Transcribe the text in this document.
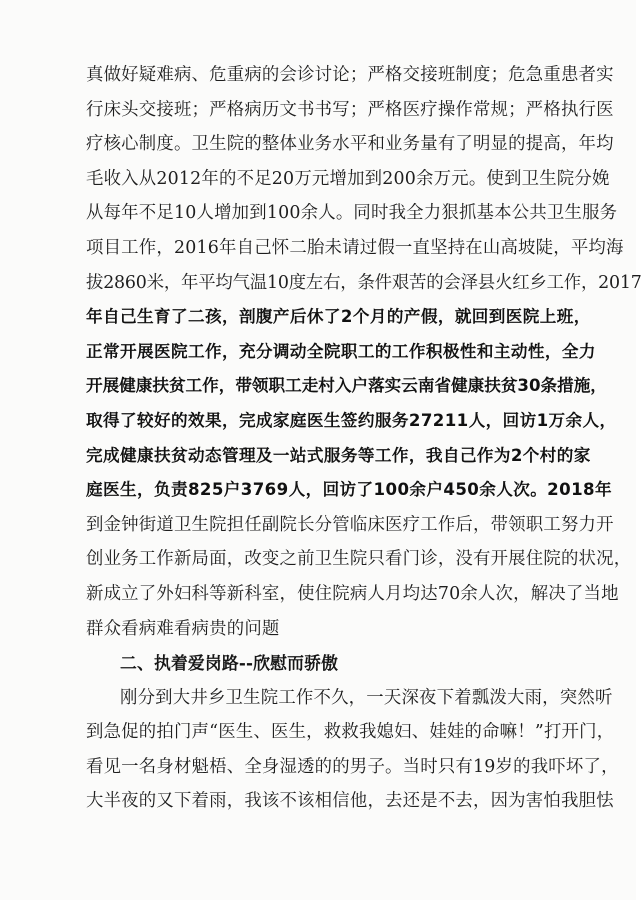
真做好疑难病、危重病的会诊讨论；严格交接班制度；危急重患者实
行床头交接班；严格病历文书书写；严格医疗操作常规；严格执行医
疗核心制度。卫生院的整体业务水平和业务量有了明显的提高，年均
毛收入从2012年的不足20万元增加到200余万元。使到卫生院分娩
从每年不足10人增加到100余人。同时我全力狠抓基本公共卫生服务
项目工作，2016年自己怀二胎未请过假一直坚持在山高坡陡，平均海
拔2860米，年平均气温10度左右，条件艰苦的会泽县火红乡工作，2017
年自己生育了二孩，剖腹产后休了2个月的产假，就回到医院上班，
正常开展医院工作，充分调动全院职工的工作积极性和主动性，全力
开展健康扶贫工作，带领职工走村入户落实云南省健康扶贫30条措施，
取得了较好的效果，完成家庭医生签约服务27211人，回访1万余人，
完成健康扶贫动态管理及一站式服务等工作，我自己作为2个村的家
庭医生，负责825户3769人，回访了100余户450余人次。2018年
到金钟街道卫生院担任副院长分管临床医疗工作后，带领职工努力开
创业务工作新局面，改变之前卫生院只看门诊，没有开展住院的状况，
新成立了外妇科等新科室，使住院病人月均达70余人次，解决了当地
群众看病难看病贵的问题
二、执着爱岗路--欣慰而骄傲
刚分到大井乡卫生院工作不久，一天深夜下着瓢泼大雨，突然听
到急促的拍门声“医生、医生，救救我媳妇、娃娃的命嘛！”打开门，
看见一名身材魁梧、全身湿透的的男子。当时只有19岁的我吓坏了，
大半夜的又下着雨，我该不该相信他，去还是不去，因为害怕我胆怯
